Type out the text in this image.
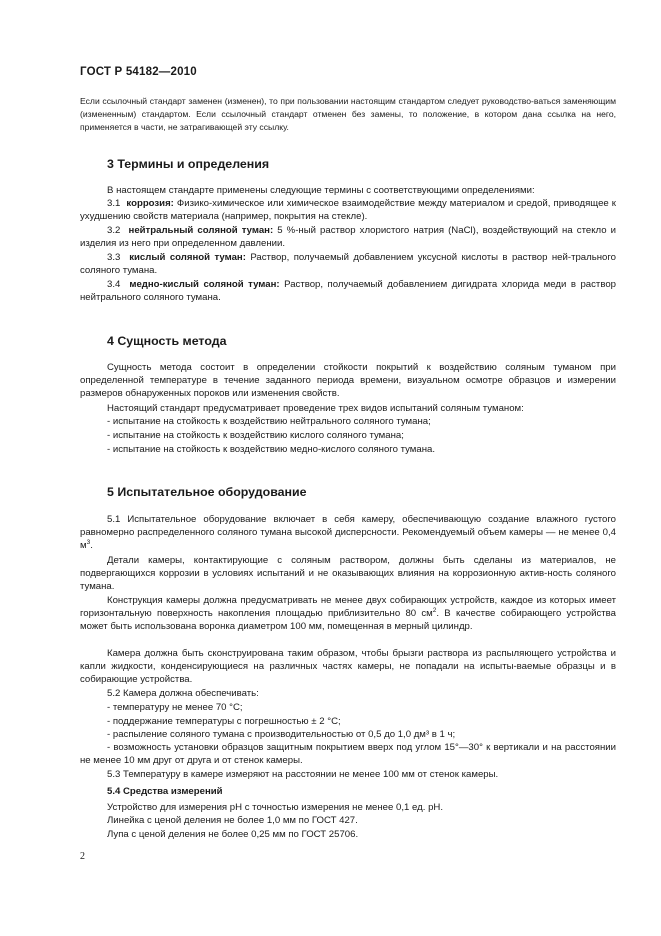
ГОСТ Р 54182—2010
Если ссылочный стандарт заменен (изменен), то при пользовании настоящим стандартом следует руководство-ваться заменяющим (измененным) стандартом. Если ссылочный стандарт отменен без замены, то положение, в котором дана ссылка на него, применяется в части, не затрагивающей эту ссылку.
3 Термины и определения
В настоящем стандарте применены следующие термины с соответствующими определениями:
3.1 коррозия: Физико-химическое или химическое взаимодействие между материалом и средой, приводящее к ухудшению свойств материала (например, покрытия на стекле).
3.2 нейтральный соляной туман: 5 %-ный раствор хлористого натрия (NaCl), воздействующий на стекло и изделия из него при определенном давлении.
3.3 кислый соляной туман: Раствор, получаемый добавлением уксусной кислоты в раствор ней-трального соляного тумана.
3.4 медно-кислый соляной туман: Раствор, получаемый добавлением дигидрата хлорида меди в раствор нейтрального соляного тумана.
4 Сущность метода
Сущность метода состоит в определении стойкости покрытий к воздействию соляным туманом при определенной температуре в течение заданного периода времени, визуальном осмотре образцов и измерении размеров обнаруженных пороков или изменения свойств.
Настоящий стандарт предусматривает проведение трех видов испытаний соляным туманом:
- испытание на стойкость к воздействию нейтрального соляного тумана;
- испытание на стойкость к воздействию кислого соляного тумана;
- испытание на стойкость к воздействию медно-кислого соляного тумана.
5 Испытательное оборудование
5.1 Испытательное оборудование включает в себя камеру, обеспечивающую создание влажного густого равномерно распределенного соляного тумана высокой дисперсности. Рекомендуемый объем камеры — не менее 0,4 $м^3$.
Детали камеры, контактирующие с соляным раствором, должны быть сделаны из материалов, не подвергающихся коррозии в условиях испытаний и не оказывающих влияния на коррозионную актив-ность соляного тумана.
Конструкция камеры должна предусматривать не менее двух собирающих устройств, каждое из которых имеет горизонтальную поверхность накопления площадью приблизительно 80 $см^2$. В качестве собирающего устройства может быть использована воронка диаметром 100 мм, помещенная в мерный цилиндр.
Камера должна быть сконструирована таким образом, чтобы брызги раствора из распыляющего устройства и капли жидкости, конденсирующиеся на различных частях камеры, не попадали на испыты-ваемые образцы и в собирающие устройства.
5.2 Камера должна обеспечивать:
- температуру не менее 70 °С;
- поддержание температуры с погрешностью ± 2 °С;
- распыление соляного тумана с производительностью от 0,5 до 1,0 дм³ в 1 ч;
- возможность установки образцов защитным покрытием вверх под углом 15°—30° к вертикали и на расстоянии не менее 10 мм друг от друга и от стенок камеры.
5.3 Температуру в камере измеряют на расстоянии не менее 100 мм от стенок камеры.
5.4 Средства измерений
Устройство для измерения рН с точностью измерения не менее 0,1 ед. рН.
Линейка с ценой деления не более 1,0 мм по ГОСТ 427.
Лупа с ценой деления не более 0,25 мм по ГОСТ 25706.
2
